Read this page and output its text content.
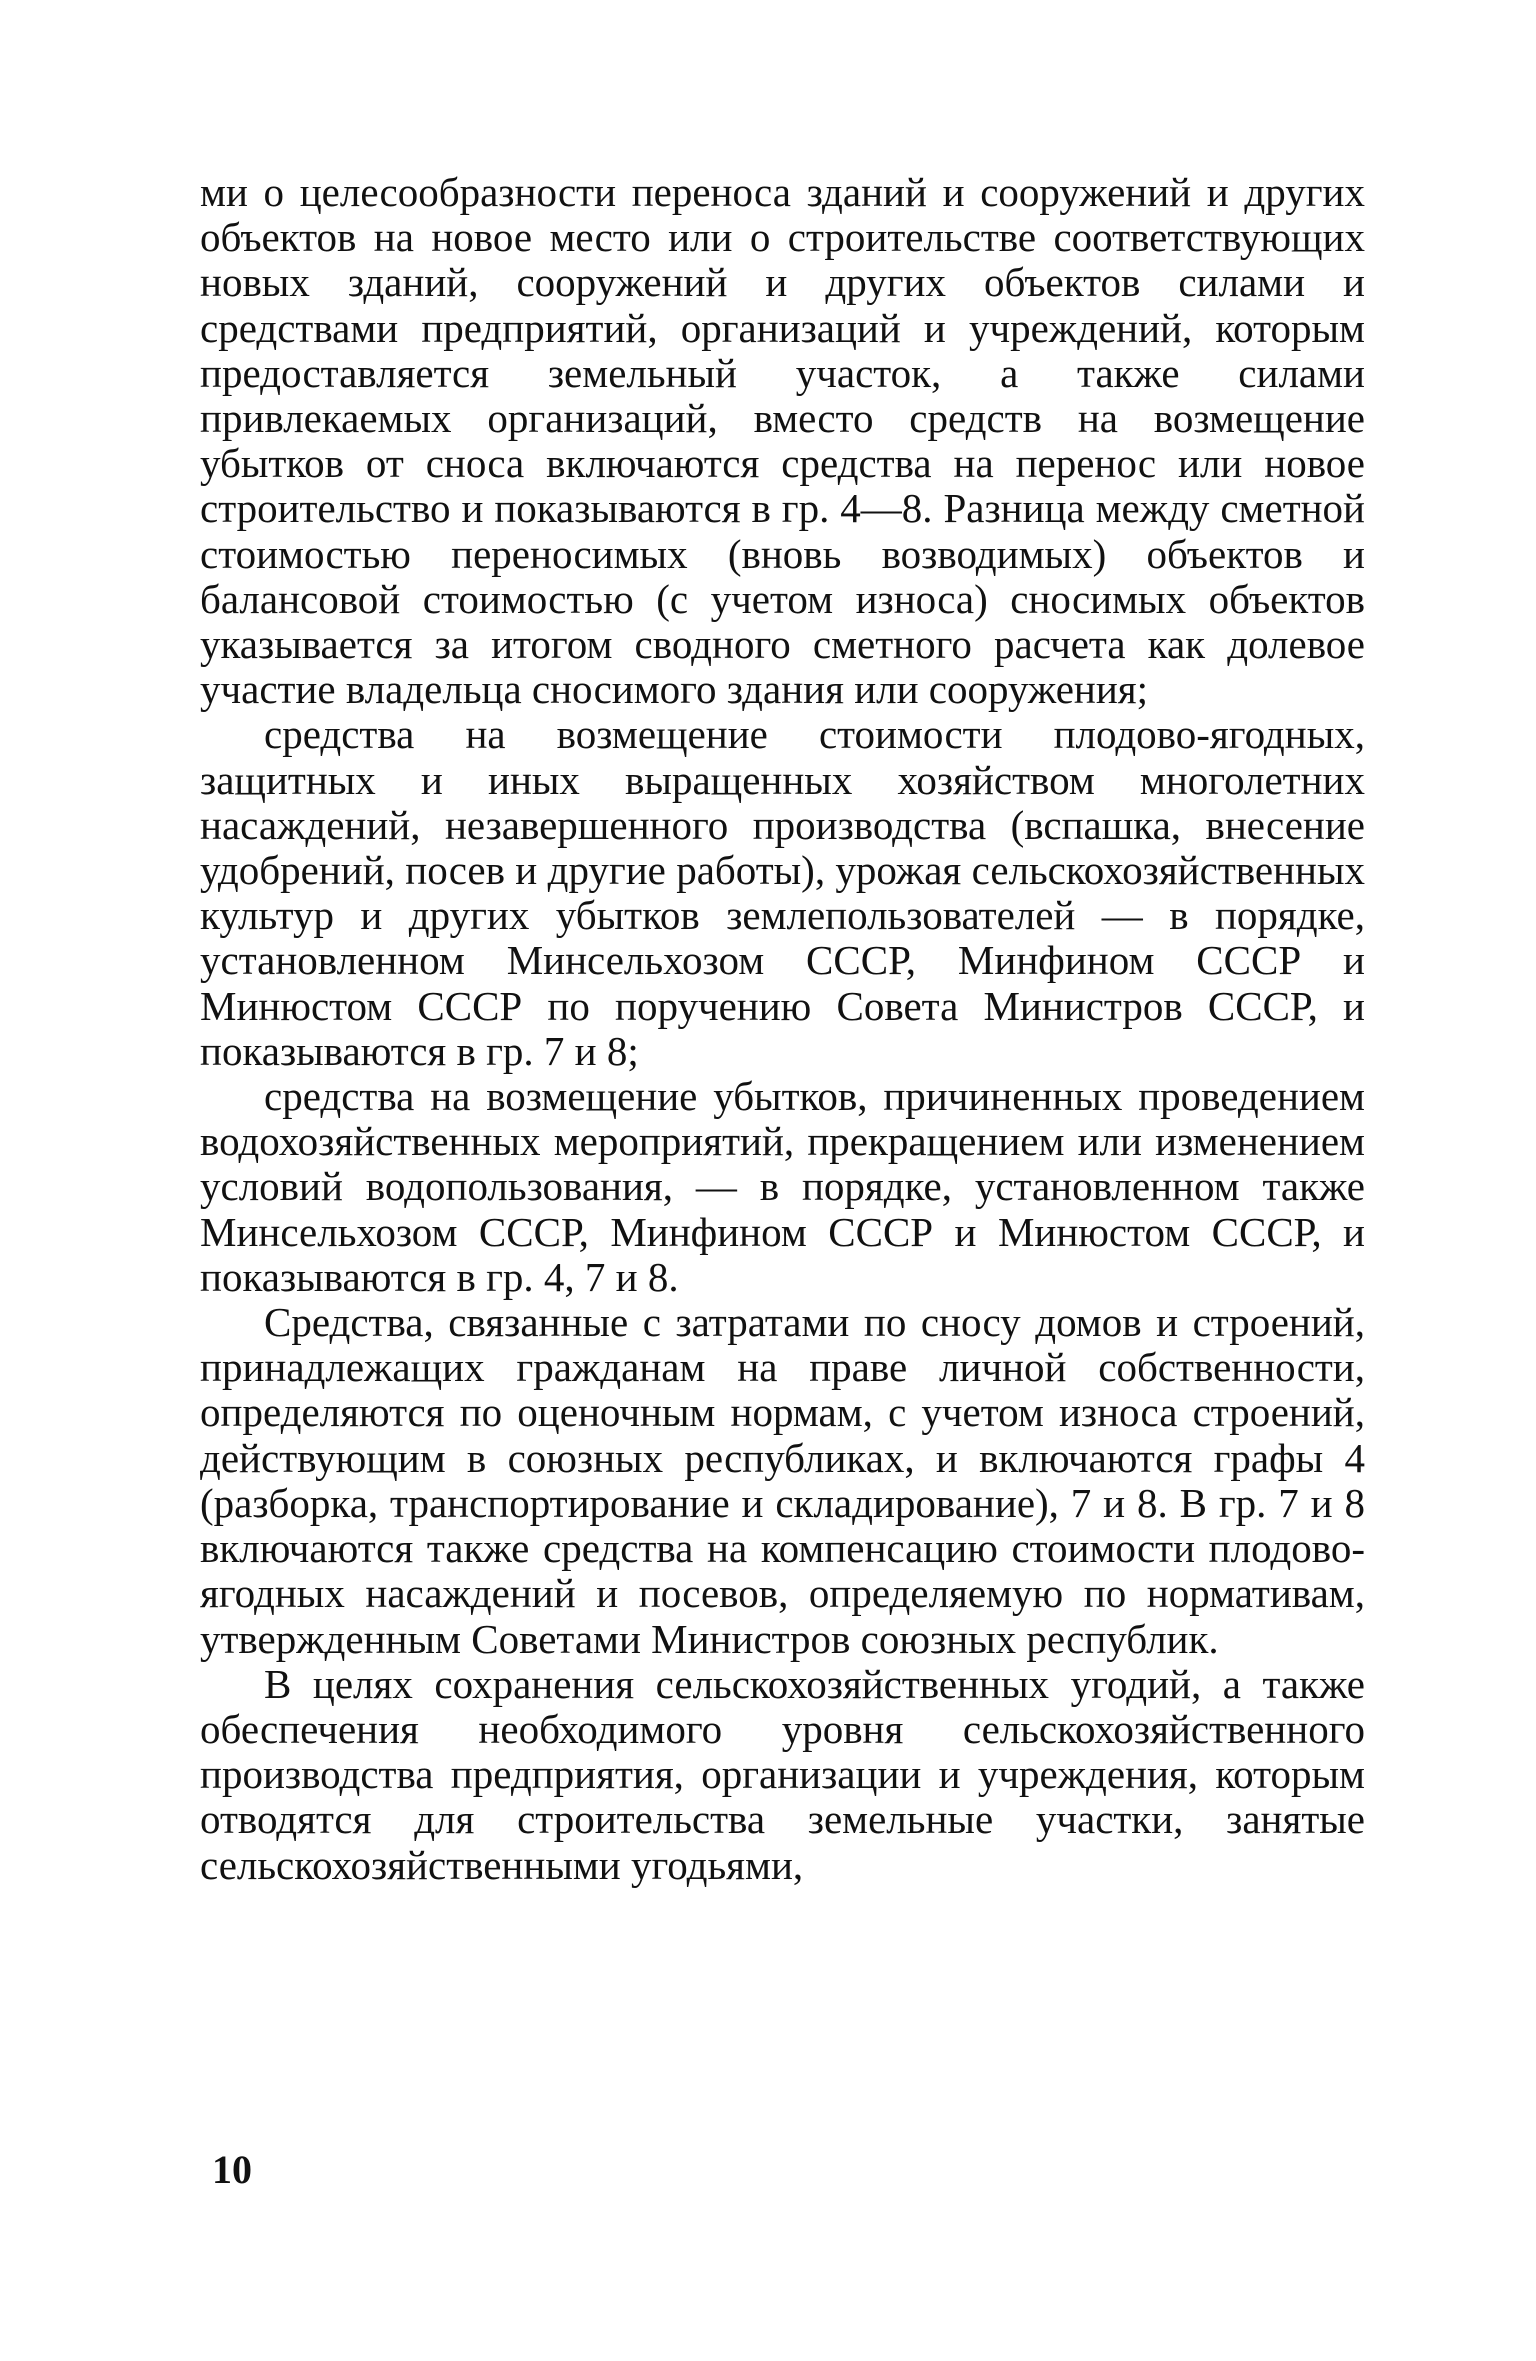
ми о целесообразности переноса зданий и сооружений и других объектов на новое место или о строительстве соответствующих новых зданий, сооружений и других объектов силами и средствами предприятий, организаций и учреждений, которым предоставляется земельный участок, а также силами привлекаемых организаций, вместо средств на возмещение убытков от сноса включаются средства на перенос или новое строительство и показываются в гр. 4—8. Разница между сметной стоимостью переносимых (вновь возводимых) объектов и балансовой стоимостью (с учетом износа) сносимых объектов указывается за итогом сводного сметного расчета как долевое участие владельца сносимого здания или сооружения;

средства на возмещение стоимости плодово-ягодных, защитных и иных выращенных хозяйством многолетних насаждений, незавершенного производства (вспашка, внесение удобрений, посев и другие работы), урожая сельскохозяйственных культур и других убытков землепользователей — в порядке, установленном Минсельхозом СССР, Минфином СССР и Минюстом СССР по поручению Совета Министров СССР, и показываются в гр. 7 и 8;

средства на возмещение убытков, причиненных проведением водохозяйственных мероприятий, прекращением или изменением условий водопользования, — в порядке, установленном также Минсельхозом СССР, Минфином СССР и Минюстом СССР, и показываются в гр. 4, 7 и 8.

Средства, связанные с затратами по сносу домов и строений, принадлежащих гражданам на праве личной собственности, определяются по оценочным нормам, с учетом износа строений, действующим в союзных республиках, и включаются графы 4 (разборка, транспортирование и складирование), 7 и 8. В гр. 7 и 8 включаются также средства на компенсацию стоимости плодово-ягодных насаждений и посевов, определяемую по нормативам, утвержденным Советами Министров союзных республик.

В целях сохранения сельскохозяйственных угодий, а также обеспечения необходимого уровня сельскохозяйственного производства предприятия, организации и учреждения, которым отводятся для строительства земельные участки, занятые сельскохозяйственными угодьями,

10
